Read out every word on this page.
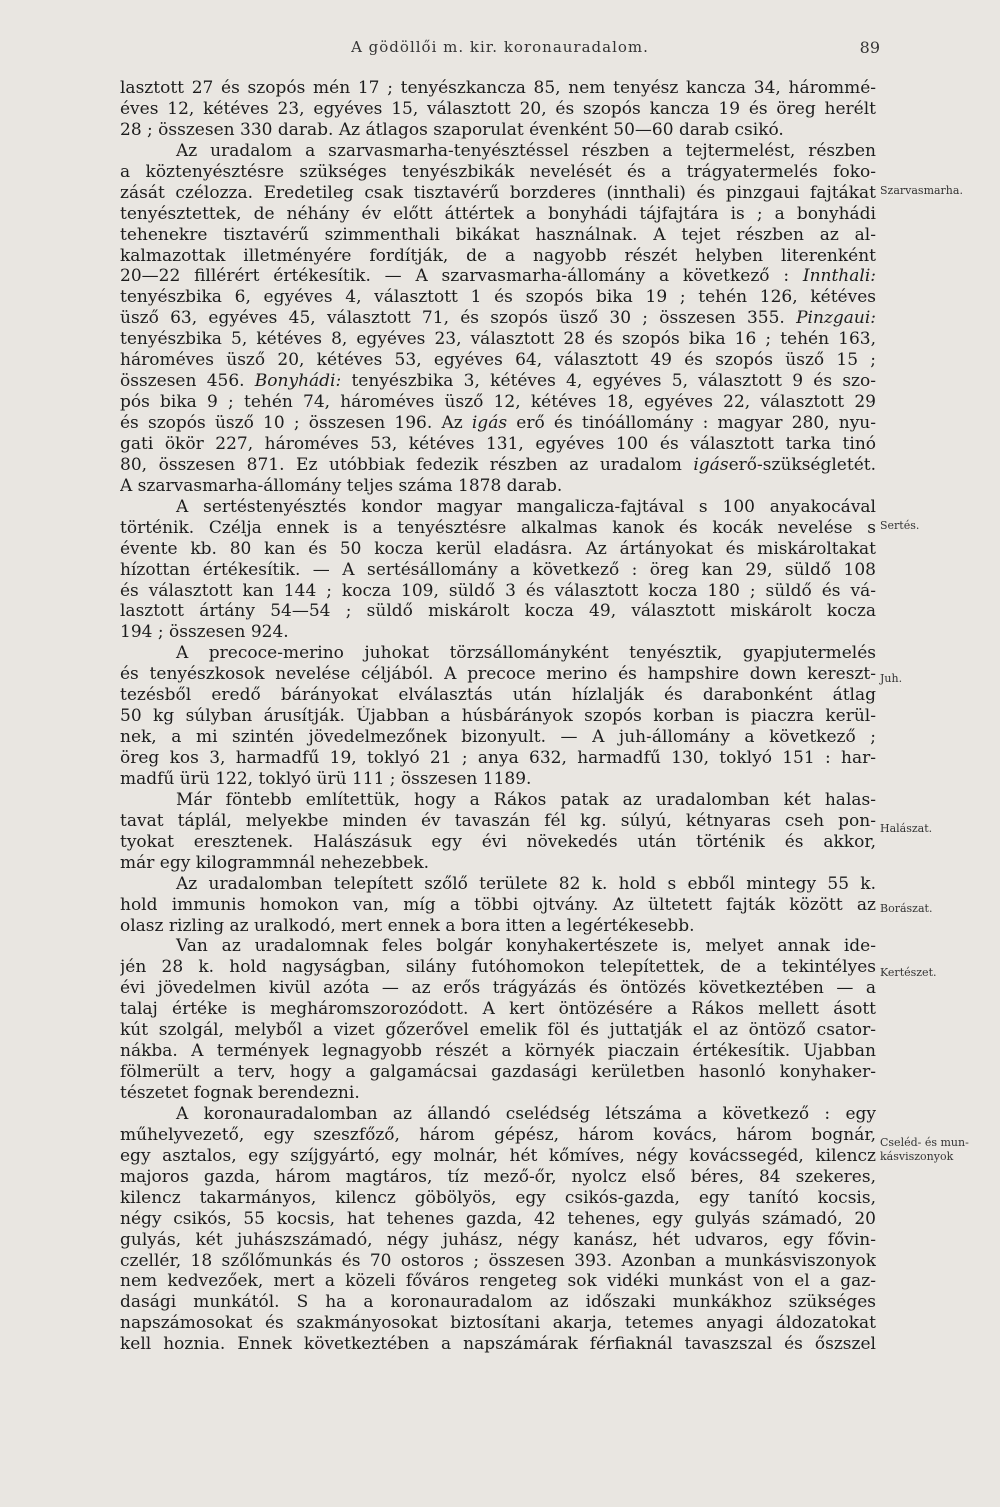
A gödöllői m. kir. koronauradalom.	89
lasztott 27 és szopós mén 17 ; tenyészkancza 85, nem tenyész kancza 34, hárommé-
éves 12, kétéves 23, egyéves 15, választott 20, és szopós kancza 19 és öreg herélt
28 ; összesen 330 darab. Az átlagos szaporulat évenként 50—60 darab csikó.
Az uradalom a szarvasmarha-tenyésztéssel részben a tejtermelést, részben
a köztenyésztésre szükséges tenyészbikák nevelését és a trágyatermelés foko-
zását czélozza. Eredetileg csak tisztavérű borzderes (innthali) és pinzgaui fajtákat
tenyésztettek, de néhány év előtt áttértek a bonyhádi tájfajtára is ; a bonyhádi
tehenekre tisztavérű szimmenthali bikákat használnak. A tejet részben az al-
kalmazottak illetményére fordítják, de a nagyobb részét helyben literenként
20—22 fillérért értékesítik. — A szarvasmarha-állomány a következő : Innthali:
tenyészbika 6, egyéves 4, választott 1 és szopós bika 19 ; tehén 126, kétéves
üsző 63, egyéves 45, választott 71, és szopós üsző 30 ; összesen 355. Pinzgaui:
tenyészbika 5, kétéves 8, egyéves 23, választott 28 és szopós bika 16 ; tehén 163,
hároméves üsző 20, kétéves 53, egyéves 64, választott 49 és szopós üsző 15 ;
összesen 456. Bonyhádi: tenyészbika 3, kétéves 4, egyéves 5, választott 9 és szo-
pós bika 9 ; tehén 74, hároméves üsző 12, kétéves 18, egyéves 22, választott 29
és szopós üsző 10 ; összesen 196. Az igás erő és tinóállomány : magyar 280, nyu-
gati ökör 227, hároméves 53, kétéves 131, egyéves 100 és választott tarka tinó
80, összesen 871. Ez utóbbiak fedezik részben az uradalom igáserő-szükségletét.
A szarvasmarha-állomány teljes száma 1878 darab.
A sertéstenyésztés kondor magyar mangalicza-fajtával s 100 anyakocával
történik. Czélja ennek is a tenyésztésre alkalmas kanok és kocák nevelése s
évente kb. 80 kan és 50 kocza kerül eladásra. Az ártányokat és miskároltakat
hízottan értékesítik. — A sertésállomány a következő : öreg kan 29, süldő 108
és választott kan 144 ; kocza 109, süldő 3 és választott kocza 180 ; süldő és vá-
lasztott ártány 54—54 ; süldő miskárolt kocza 49, választott miskárolt kocza
194 ; összesen 924.
A precoce-merino juhokat törzsállományként tenyésztik, gyapjutermelés
és tenyészkosok nevelése céljából. A precoce merino és hampshire down kereszt-
tezésből eredő bárányokat elválasztás után hízlalják és darabonként átlag
50 kg súlyban árusítják. Újabban a húsbárányok szopós korban is piaczra kerül-
nek, a mi szintén jövedelmezőnek bizonyult. — A juh-állomány a következő ;
öreg kos 3, harmadfű 19, toklyó 21 ; anya 632, harmadfű 130, toklyó 151 : har-
madfű ürü 122, toklyó ürü 111 ; összesen 1189.
Már föntebb említettük, hogy a Rákos patak az uradalomban két halas-
tavat táplál, melyekbe minden év tavaszán fél kg. súlyú, kétnyaras cseh pon-
tyokat eresztenek. Halászásuk egy évi növekedés után történik és akkor,
már egy kilogrammnál nehezebbek.
Az uradalomban telepített szőlő területe 82 k. hold s ebből mintegy 55 k.
hold immunis homokon van, míg a többi ojtvány. Az ültetett fajták között az
olasz rizling az uralkodó, mert ennek a bora itten a legértékesebb.
Van az uradalomnak feles bolgár konyhakertészete is, melyet annak ide-
jén 28 k. hold nagyságban, silány futóhomokon telepítettek, de a tekintélyes
évi jövedelmen kivül azóta — az erős trágyázás és öntözés következtében — a
talaj értéke is megháromszorozódott. A kert öntözésére a Rákos mellett ásott
kút szolgál, melyből a vizet gőzerővel emelik föl és juttatják el az öntöző csator-
nákba. A termények legnagyobb részét a környék piaczain értékesítik. Ujabban
fölmerült a terv, hogy a galgamácsai gazdasági kerületben hasonló konyhaker-
tészetet fognak berendezni.
A koronauradalomban az állandó cselédség létszáma a következő : egy
műhelyvezető, egy szeszfőző, három gépész, három kovács, három bognár,
egy asztalos, egy szíjgyártó, egy molnár, hét kőmíves, négy kovácssegéd, kilencz
majoros gazda, három magtáros, tíz mező-őr, nyolcz első béres, 84 szekeres,
kilencz takarmányos, kilencz göbölyös, egy csikós-gazda, egy tanító kocsis,
négy csikós, 55 kocsis, hat tehenes gazda, 42 tehenes, egy gulyás számadó, 20
gulyás, két juhászszámadó, négy juhász, négy kanász, hét udvaros, egy fővin-
czellér, 18 szőlőmunkás és 70 ostoros ; összesen 393. Azonban a munkásviszonyok
nem kedvezőek, mert a közeli főváros rengeteg sok vidéki munkást von el a gaz-
dasági munkától. S ha a koronauradalom az időszaki munkákhoz szükséges
napszámosokat és szakmányosokat biztosítani akarja, tetemes anyagi áldozatokat
kell hoznia. Ennek következtében a napszámárak férfiaknál tavaszszal és őszszel
Szarvasmarha.
Sertés.
Juh.
Halászat.
Borászat.
Kertészet.
Cseléd- és mun-
kásviszonyok
